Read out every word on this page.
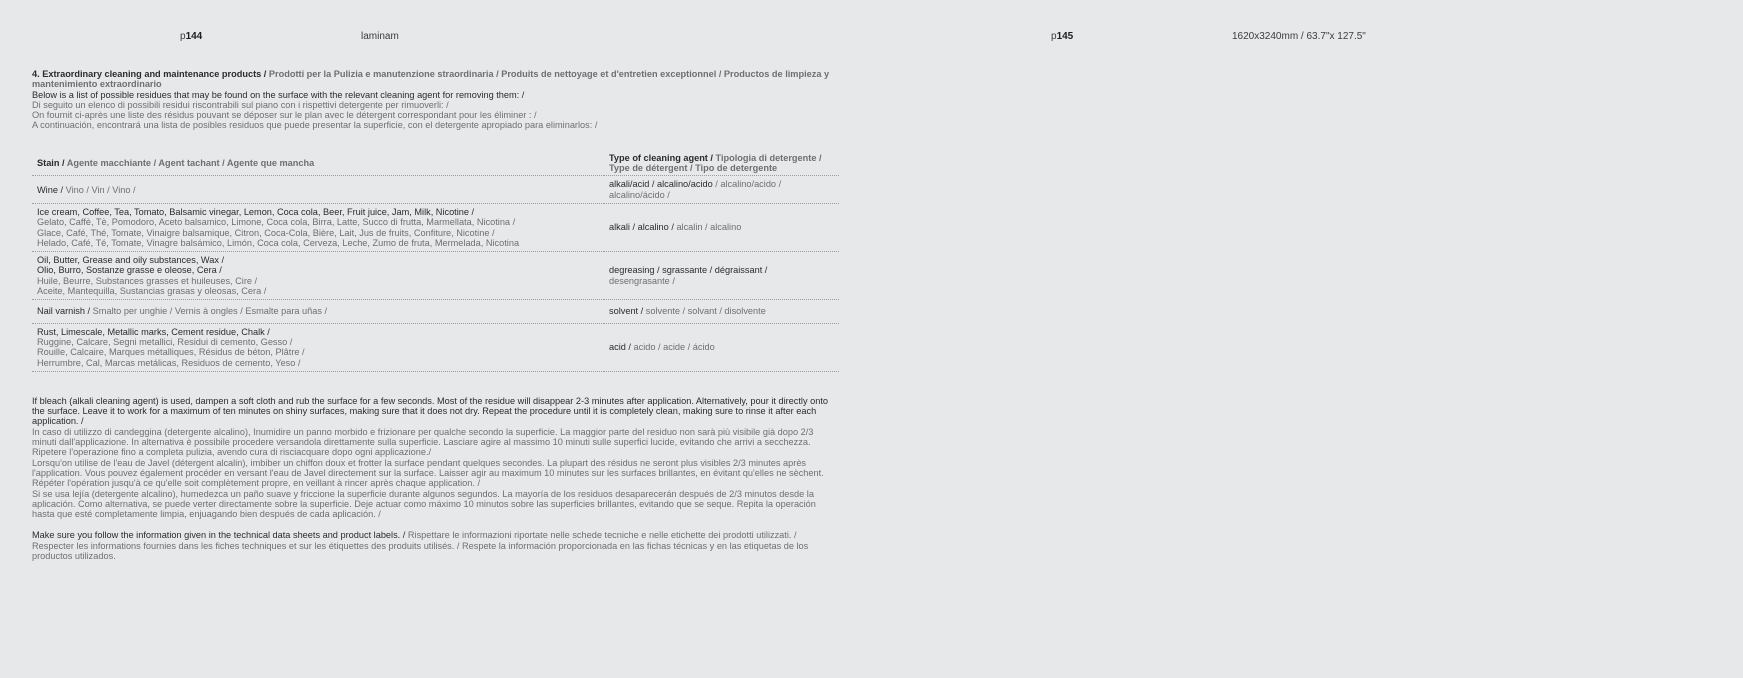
p144	laminam	p145	1620x3240mm / 63.7"x 127.5"
4. Extraordinary cleaning and maintenance products / Prodotti per la Pulizia e manutenzione straordinaria / Produits de nettoyage et d'entretien exceptionnel / Productos de limpieza y mantenimiento extraordinario
Below is a list of possible residues that may be found on the surface with the relevant cleaning agent for removing them: /
Di seguito un elenco di possibili residui riscontrabili sul piano con i rispettivi detergente per rimuoverli: /
On fournit ci-après une liste des résidus pouvant se déposer sur le plan avec le détergent correspondant pour les éliminer : /
A continuación, encontrará una lista de posibles residuos que puede presentar la superficie, con el detergente apropiado para eliminarlos: /
Stain / Agente macchiante / Agent tachant / Agente que mancha	Type of cleaning agent / Tipologia di detergente /
Type de détergent / Tipo de detergente

Wine / Vino / Vin / Vino /	alkali/acid / alcalino/acido / alcalino/acido /
alcalino/ácido /

Ice cream, Coffee, Tea, Tomato, Balsamic vinegar, Lemon, Coca cola, Beer, Fruit juice, Jam, Milk, Nicotine /
Gelato, Caffè, Tè, Pomodoro, Aceto balsamico, Limone, Coca cola, Birra, Latte, Succo di frutta, Marmellata, Nicotina /
Glace, Café, Thé, Tomate, Vinaigre balsamique, Citron, Coca-Cola, Bière, Lait, Jus de fruits, Confiture, Nicotine /
Helado, Café, Té, Tomate, Vinagre balsámico, Limón, Coca cola, Cerveza, Leche, Zumo de fruta, Mermelada, Nicotina	alkali / alcalino / alcalin / alcalino

Oil, Butter, Grease and oily substances, Wax /
Olio, Burro, Sostanze grasse e oleose, Cera /
Huile, Beurre, Substances grasses et huileuses, Cire /
Aceite, Mantequilla, Sustancias grasas y oleosas, Cera /	degreasing / sgrassante / dégraissant /
desengrasante /

Nail varnish / Smalto per unghie / Vernis à ongles / Esmalte para uñas /	solvent / solvente / solvant / disolvente

Rust, Limescale, Metallic marks, Cement residue, Chalk /
Ruggine, Calcare, Segni metallici, Residui di cemento, Gesso /
Rouille, Calcaire, Marques métalliques, Résidus de béton, Plâtre /
Herrumbre, Cal, Marcas metálicas, Residuos de cemento, Yeso /	acid / acido / acide / ácido

If bleach (alkali cleaning agent) is used, dampen a soft cloth and rub the surface for a few seconds. Most of the residue will disappear 2-3 minutes after application. Alternatively, pour it directly onto the surface. Leave it to work for a maximum of ten minutes on shiny surfaces, making sure that it does not dry. Repeat the procedure until it is completely clean, making sure to rinse it after each application. /

In caso di utilizzo di candeggina (detergente alcalino), Inumidire un panno morbido e frizionare per qualche secondo la superficie. La maggior parte del residuo non sarà più visibile già dopo 2/3 minuti dall'applicazione. In alternativa è possibile procedere versandola direttamente sulla superficie. Lasciare agire al massimo 10 minuti sulle superfici lucide, evitando che arrivi a secchezza. Ripetere l'operazione fino a completa pulizia, avendo cura di risciacquare dopo ogni applicazione./

Lorsqu'on utilise de l'eau de Javel (détergent alcalin), imbiber un chiffon doux et frotter la surface pendant quelques secondes. La plupart des résidus ne seront plus visibles 2/3 minutes après l'application. Vous pouvez également procéder en versant l'eau de Javel directement sur la surface. Laisser agir au maximum 10 minutes sur les surfaces brillantes, en évitant qu'elles ne sèchent. Répéter l'opération jusqu'à ce qu'elle soit complètement propre, en veillant à rincer après chaque application. /

Si se usa lejía (detergente alcalino), humedezca un paño suave y friccione la superficie durante algunos segundos. La mayoría de los residuos desaparecerán después de 2/3 minutos desde la aplicación. Como alternativa, se puede verter directamente sobre la superficie. Deje actuar como máximo 10 minutos sobre las superficies brillantes, evitando que se seque. Repita la operación hasta que esté completamente limpia, enjuagando bien después de cada aplicación. /

Make sure you follow the information given in the technical data sheets and product labels. / Rispettare le informazioni riportate nelle schede tecniche e nelle etichette dei prodotti utilizzati. / Respecter les informations fournies dans les fiches techniques et sur les étiquettes des produits utilisés. / Respete la información proporcionada en las fichas técnicas y en las etiquetas de los productos utilizados.
